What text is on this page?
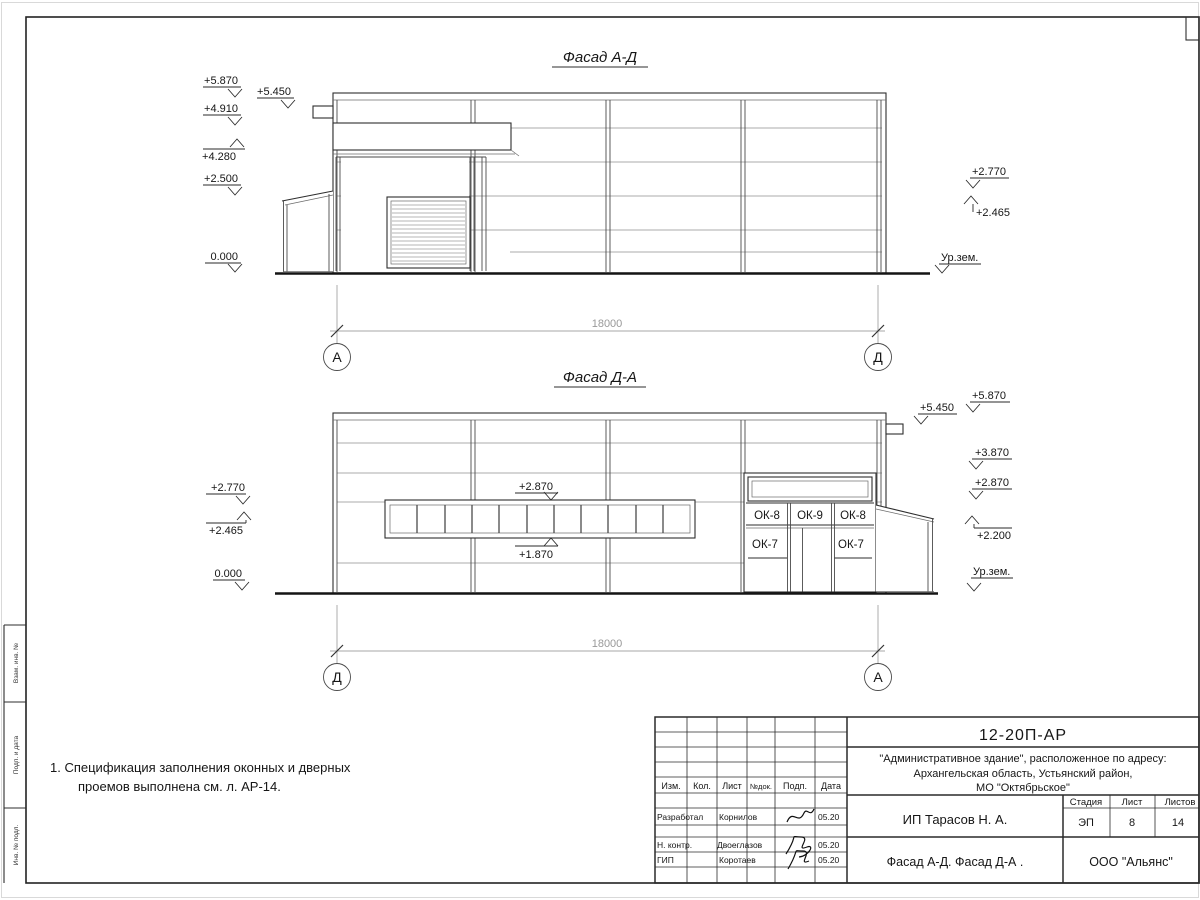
Взам. инв. №
Подп. и дата
Инв. № подл.
Фасад А-Д
+5.870
+5.450
+4.910
+4.280
+2.500
0.000
+2.770
+2.465
Ур.зем.
18000
А	Д
Фасад Д-А
+2.870
+1.870
ОК-8 ОК-9 ОК-8
ОК-7	ОК-7
+2.770
+2.465
0.000
+5.870
+5.450
+3.870
+2.870
+2.200
Ур.зем.
18000
Д	А
1. Спецификация заполнения оконных и дверных
проемов выполнена см. л. АР-14.	Изм. Кол. Лист №док. Подп. Дата
Разработал Корнилов	05.20
Н. контр.	Двоеглазов	05.20
ГИП	Коротаев	05.20
12-20П-АР
"Административное здание", расположенное по адресу:
Архангельская область, Устьянский район,
МО "Октябрьское"
ИП Тарасов Н. А.
Фасад А-Д. Фасад Д-А .	ООО "Альянс"
Стадия Лист Листов
ЭП	8	14
